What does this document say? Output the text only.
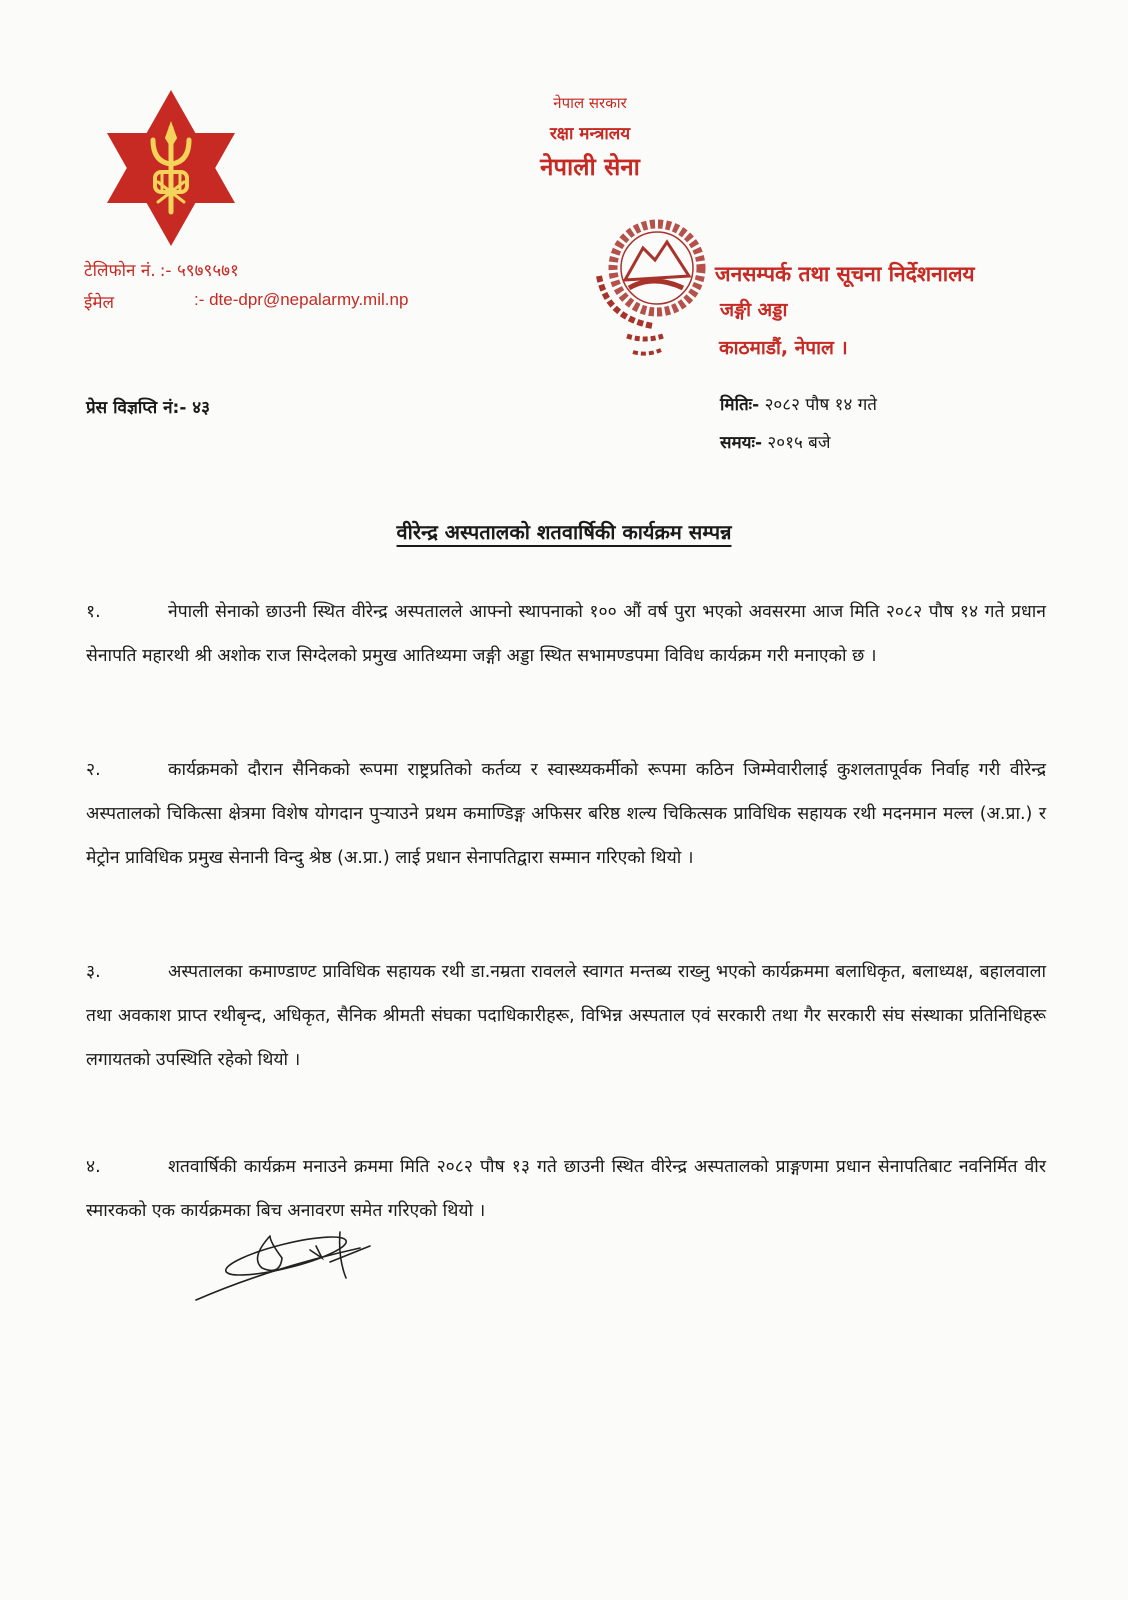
नेपाल सरकार
रक्षा मन्त्रालय
नेपाली सेना
टेलिफोन नं. :- ५९७९५७१
ईमेल	:- dte-dpr@nepalarmy.mil.np
जनसम्पर्क तथा सूचना निर्देशनालय
जङ्गी अड्डा
काठमाडौं, नेपाल ।
प्रेस विज्ञप्ति नं:- ४३	मितिः- २०८२ पौष १४ गते
समयः- २०१५ बजे
वीरेन्द्र अस्पतालको शतवार्षिकी कार्यक्रम सम्पन्न
१.	नेपाली सेनाको छाउनी स्थित वीरेन्द्र अस्पतालले आफ्नो स्थापनाको १०० औं वर्ष पुरा भएको अवसरमा आज मिति २०८२ पौष १४ गते प्रधान सेनापति महारथी श्री अशोक राज सिग्देलको प्रमुख आतिथ्यमा जङ्गी अड्डा स्थित सभामण्डपमा विविध कार्यक्रम गरी मनाएको छ ।
२.	कार्यक्रमको दौरान सैनिकको रूपमा राष्ट्रप्रतिको कर्तव्य र स्वास्थ्यकर्मीको रूपमा कठिन जिम्मेवारीलाई कुशलतापूर्वक निर्वाह गरी वीरेन्द्र अस्पतालको चिकित्सा क्षेत्रमा विशेष योगदान पुर्‍याउने प्रथम कमाण्डिङ्ग अफिसर बरिष्ठ शल्य चिकित्सक प्राविधिक सहायक रथी मदनमान मल्ल (अ.प्रा.) र मेट्रोन प्राविधिक प्रमुख सेनानी विन्दु श्रेष्ठ (अ.प्रा.) लाई प्रधान सेनापतिद्वारा सम्मान गरिएको थियो ।
३.	अस्पतालका कमाण्डाण्ट प्राविधिक सहायक रथी डा.नम्रता रावलले स्वागत मन्तब्य राख्नु भएको कार्यक्रममा बलाधिकृत, बलाध्यक्ष, बहालवाला तथा अवकाश प्राप्त रथीबृन्द, अधिकृत, सैनिक श्रीमती संघका पदाधिकारीहरू, विभिन्न अस्पताल एवं सरकारी तथा गैर सरकारी संघ संस्थाका प्रतिनिधिहरू लगायतको उपस्थिति रहेको थियो ।
४.	शतवार्षिकी कार्यक्रम मनाउने क्रममा मिति २०८२ पौष १३ गते छाउनी स्थित वीरेन्द्र अस्पतालको प्राङ्गणमा प्रधान सेनापतिबाट नवनिर्मित वीर स्मारकको एक कार्यक्रमका बिच अनावरण समेत गरिएको थियो ।
